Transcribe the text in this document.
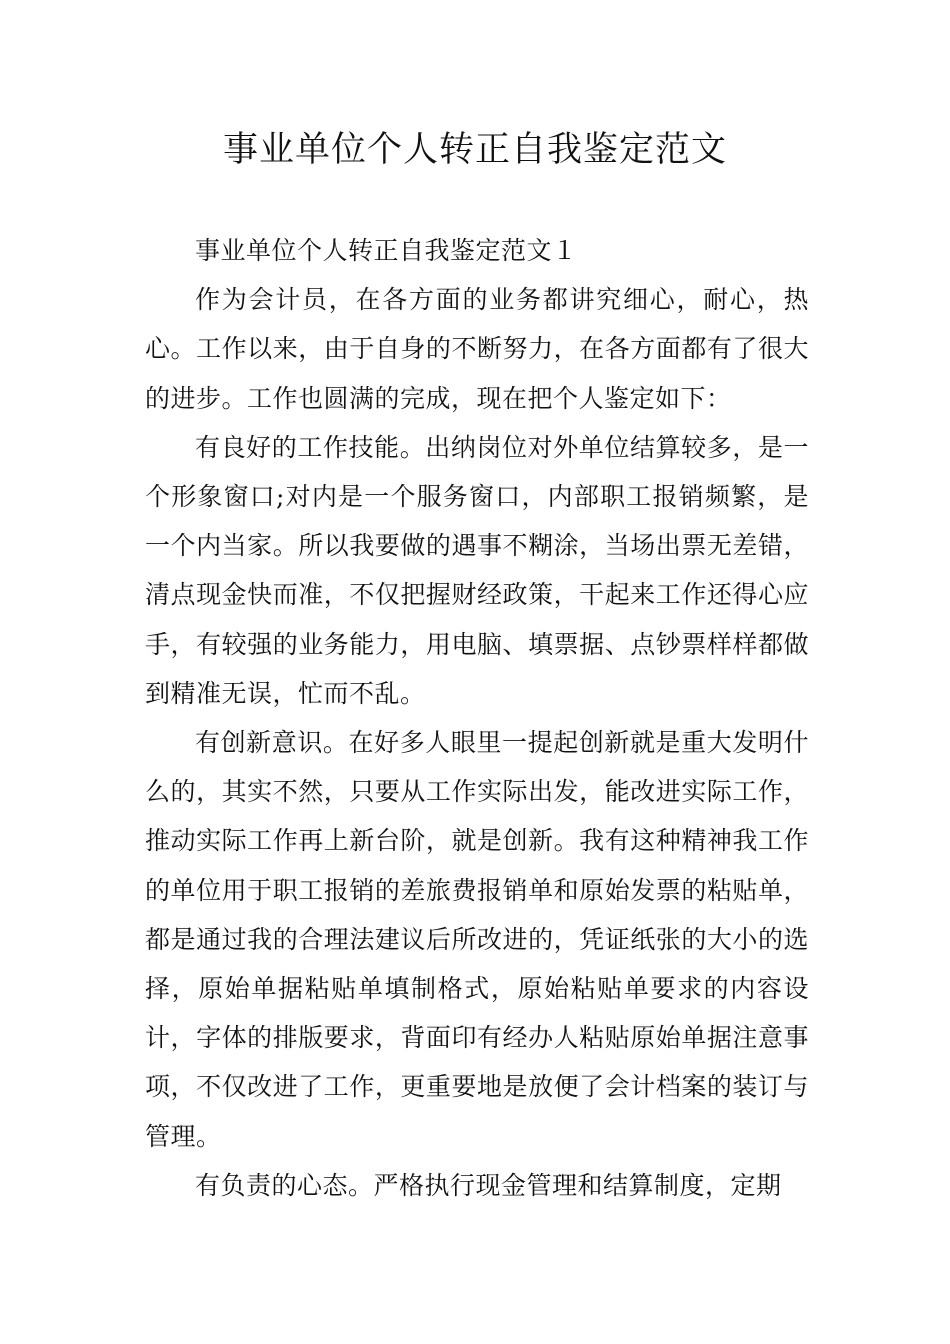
事业单位个人转正自我鉴定范文

事业单位个人转正自我鉴定范文１

作为会计员，在各方面的业务都讲究细心，耐心，热心。工作以来，由于自身的不断努力，在各方面都有了很大的进步。工作也圆满的完成，现在把个人鉴定如下：

有良好的工作技能。出纳岗位对外单位结算较多，是一个形象窗口;对内是一个服务窗口，内部职工报销频繁，是一个内当家。所以我要做的遇事不糊涂，当场出票无差错，清点现金快而准，不仅把握财经政策，干起来工作还得心应手，有较强的业务能力，用电脑、填票据、点钞票样样都做到精准无误，忙而不乱。

有创新意识。在好多人眼里一提起创新就是重大发明什么的，其实不然，只要从工作实际出发，能改进实际工作，推动实际工作再上新台阶，就是创新。我有这种精神我工作的单位用于职工报销的差旅费报销单和原始发票的粘贴单，都是通过我的合理法建议后所改进的，凭证纸张的大小的选择，原始单据粘贴单填制格式，原始粘贴单要求的内容设计，字体的排版要求，背面印有经办人粘贴原始单据注意事项，不仅改进了工作，更重要地是放便了会计档案的装订与管理。

有负责的心态。严格执行现金管理和结算制度，定期
